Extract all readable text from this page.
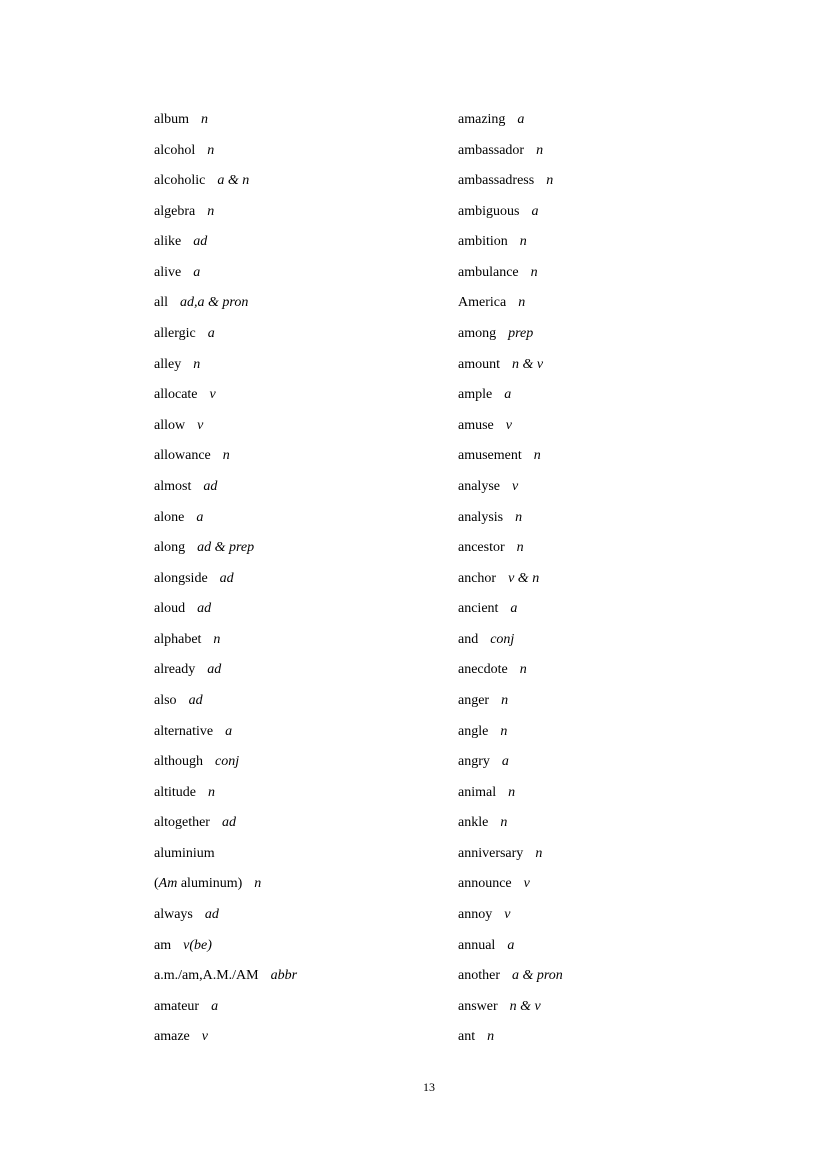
album n
alcohol n
alcoholic a & n
algebra n
alike ad
alive a
all ad,a & pron
allergic a
alley n
allocate v
allow v
allowance n
almost ad
alone a
along ad & prep
alongside ad
aloud ad
alphabet n
already ad
also ad
alternative a
although conj
altitude n
altogether ad
aluminium
(Am aluminum) n
always ad
am v(be)
a.m./am,A.M./AM abbr
amateur a
amaze v
amazing a
ambassador n
ambassadress n
ambiguous a
ambition n
ambulance n
America n
among prep
amount n & v
ample a
amuse v
amusement n
analyse v
analysis n
ancestor n
anchor v & n
ancient a
and conj
anecdote n
anger n
angle n
angry a
animal n
ankle n
anniversary n
announce v
annoy v
annual a
another a & pron
answer n & v
ant n
13
